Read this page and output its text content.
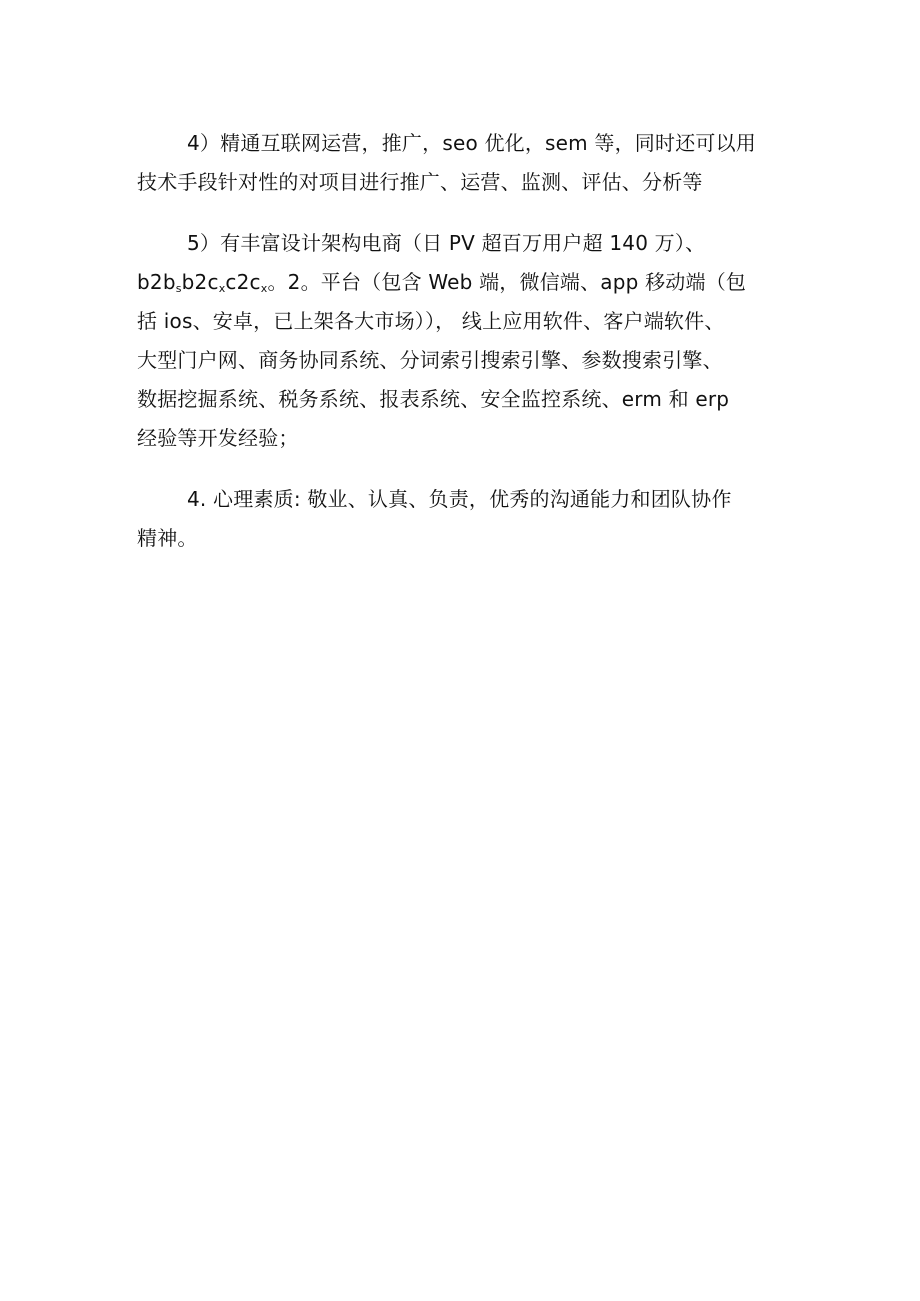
4）精通互联网运营，推广，seo 优化，sem 等，同时还可以用
技术手段针对性的对项目进行推广、运营、监测、评估、分析等

5）有丰富设计架构电商（日 PV 超百万用户超 140 万）、
$b2b_sb2c_xc2c_x$。2。平台（包含 Web 端，微信端、app 移动端（包
括 ios、安卓，已上架各大市场））， 线上应用软件、客户端软件、
大型门户网、商务协同系统、分词索引搜索引擎、参数搜索引擎、
数据挖掘系统、税务系统、报表系统、安全监控系统、erm 和 erp
经验等开发经验；

4. 心理素质: 敬业、认真、负责，优秀的沟通能力和团队协作
精神。
